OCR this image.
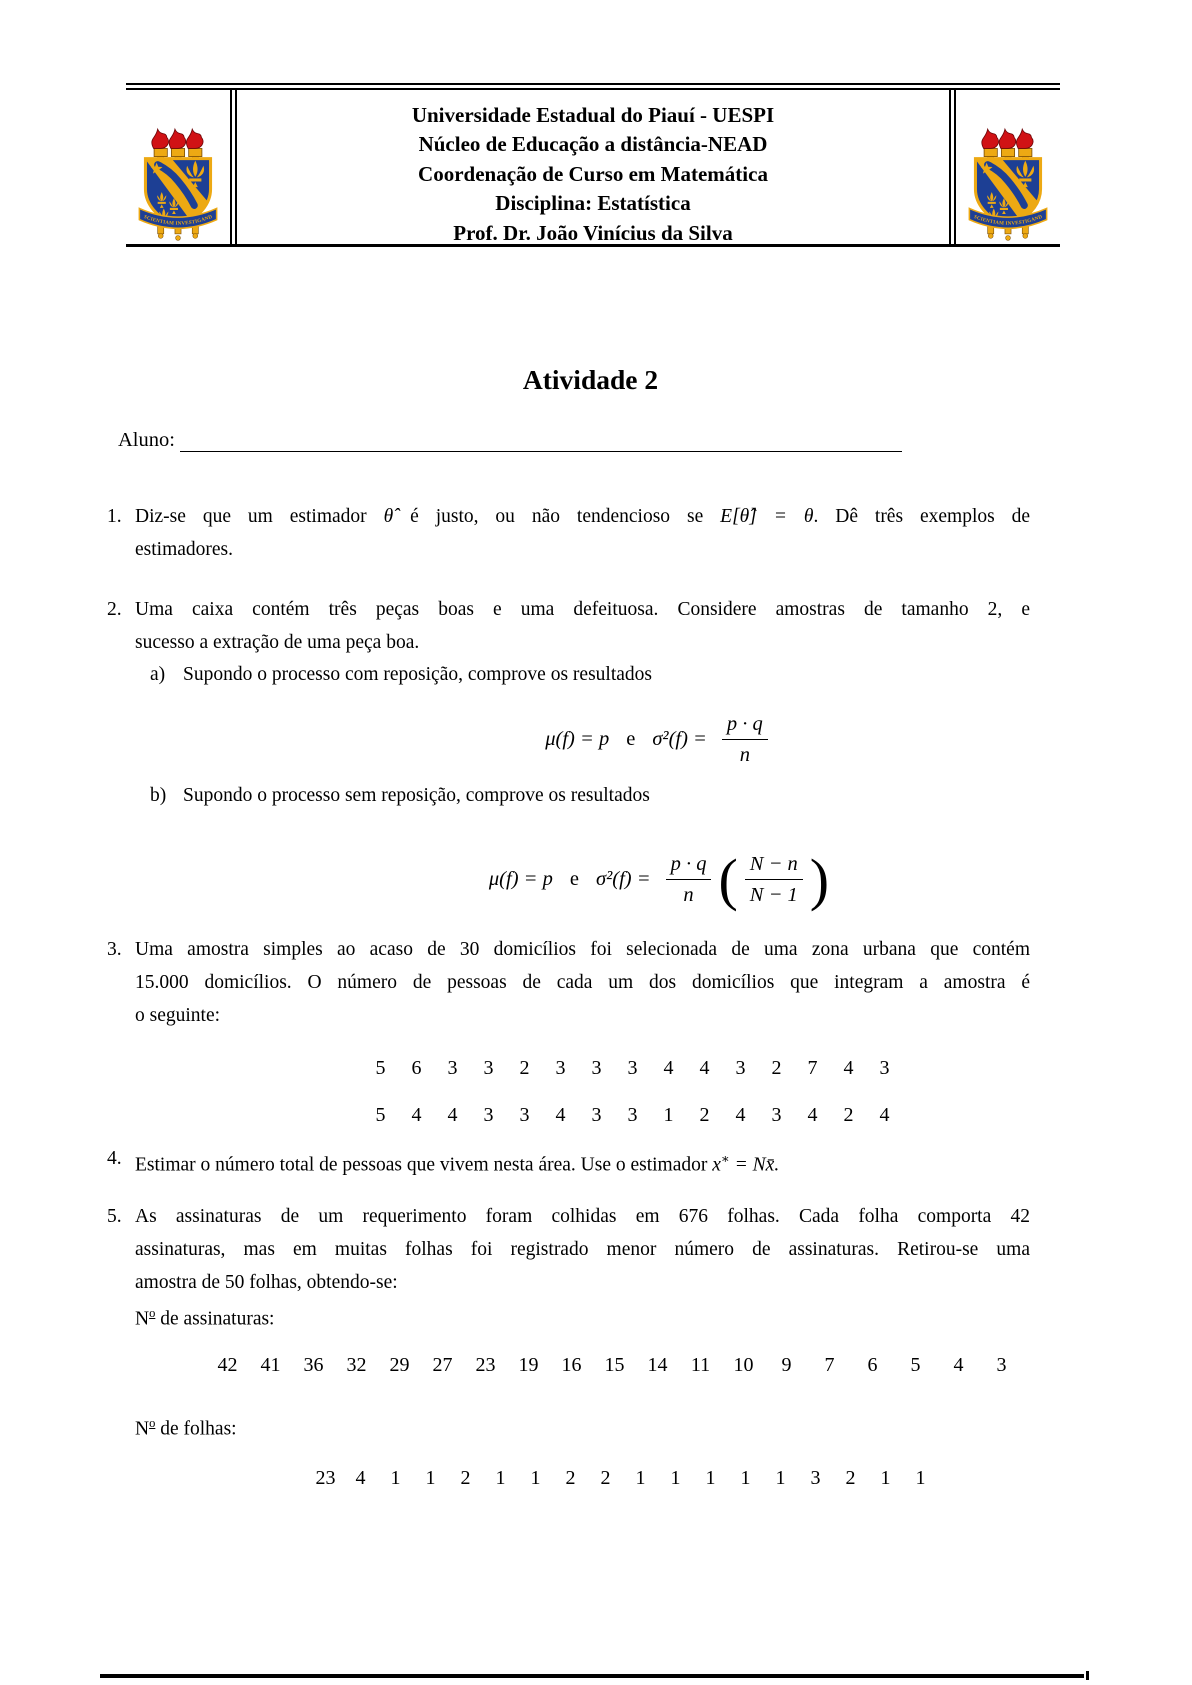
Universidade Estadual do Piauí - UESPI
Núcleo de Educação a distância-NEAD
Coordenação de Curso em Matemática
Disciplina: Estatística
Prof. Dr. João Vinícius da Silva
Atividade 2
Aluno:
1. Diz-se que um estimador θ̂ é justo, ou não tendencioso se E[θ̂] = θ. Dê três exemplos de
estimadores.
2. Uma caixa contém três peças boas e uma defeituosa. Considere amostras de tamanho 2, e
sucesso a extração de uma peça boa.
a) Supondo o processo com reposição, comprove os resultados
μ(f) = p e $\sigma^2(f) = \frac{p \cdot q}{n}$
b) Supondo o processo sem reposição, comprove os resultados
μ(f) = p e $\sigma^2(f) = \frac{p \cdot q}{n}$ ( $\frac{N - n}{N - 1}$ )
3. Uma amostra simples ao acaso de 30 domicílios foi selecionada de uma zona urbana que contém
15.000 domicílios. O número de pessoas de cada um dos domicílios que integram a amostra é
o seguinte:
5 6 3 3 2 3 3 3 4 4 3 2 7 4 3
5 4 4 3 3 4 3 3 1 2 4 3 4 2 4
4. Estimar o número total de pessoas que vivem nesta área. Use o estimador x∗ = Nx̄.
5. As assinaturas de um requerimento foram colhidas em 676 folhas. Cada folha comporta 42
assinaturas, mas em muitas folhas foi registrado menor número de assinaturas. Retirou-se uma
amostra de 50 folhas, obtendo-se:
$N^o$ de assinaturas:
42 41 36 32 29 27 23 19 16 15 14 11 10	9	7	6	5	4	3
$N^o$ de folhas:
23	4	1	1	2	1	1	2	2	1	1	1	1	1	3	2	1	1
